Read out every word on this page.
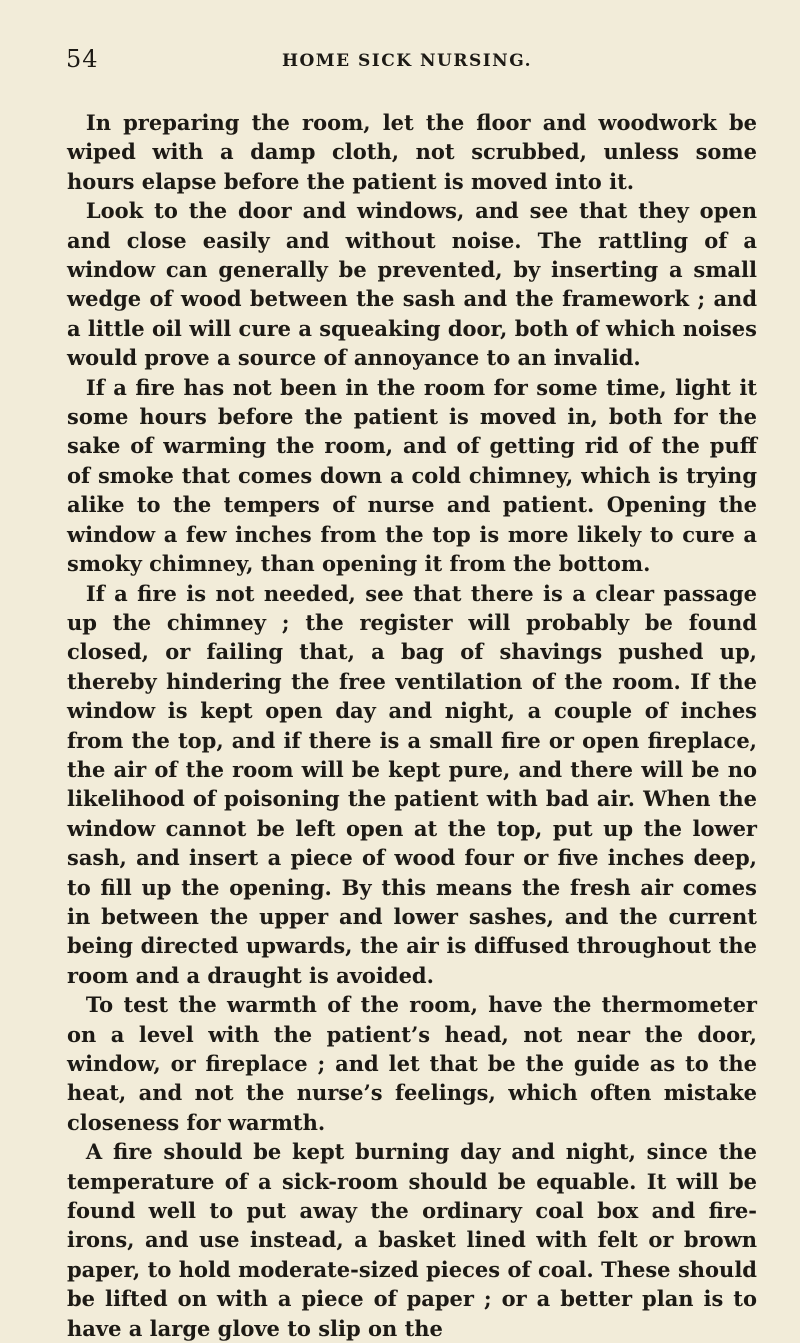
54	HOME SICK NURSING.

In preparing the room, let the floor and woodwork be wiped with a damp cloth, not scrubbed, unless some hours elapse before the patient is moved into it.

Look to the door and windows, and see that they open and close easily and without noise. The rattling of a window can generally be prevented, by inserting a small wedge of wood between the sash and the framework ; and a little oil will cure a squeaking door, both of which noises would prove a source of annoyance to an invalid.

If a fire has not been in the room for some time, light it some hours before the patient is moved in, both for the sake of warming the room, and of getting rid of the puff of smoke that comes down a cold chimney, which is trying alike to the tempers of nurse and patient. Opening the window a few inches from the top is more likely to cure a smoky chimney, than opening it from the bottom.

If a fire is not needed, see that there is a clear passage up the chimney ; the register will probably be found closed, or failing that, a bag of shavings pushed up, thereby hindering the free ventilation of the room. If the window is kept open day and night, a couple of inches from the top, and if there is a small fire or open fireplace, the air of the room will be kept pure, and there will be no likelihood of poisoning the patient with bad air. When the window cannot be left open at the top, put up the lower sash, and insert a piece of wood four or five inches deep, to fill up the opening. By this means the fresh air comes in between the upper and lower sashes, and the current being directed upwards, the air is diffused throughout the room and a draught is avoided.

To test the warmth of the room, have the thermometer on a level with the patient’s head, not near the door, window, or fireplace ; and let that be the guide as to the heat, and not the nurse’s feelings, which often mistake closeness for warmth.

A fire should be kept burning day and night, since the temperature of a sick-room should be equable. It will be found well to put away the ordinary coal box and fire-irons, and use instead, a basket lined with felt or brown paper, to hold moderate-sized pieces of coal. These should be lifted on with a piece of paper ; or a better plan is to have a large glove to slip on the
